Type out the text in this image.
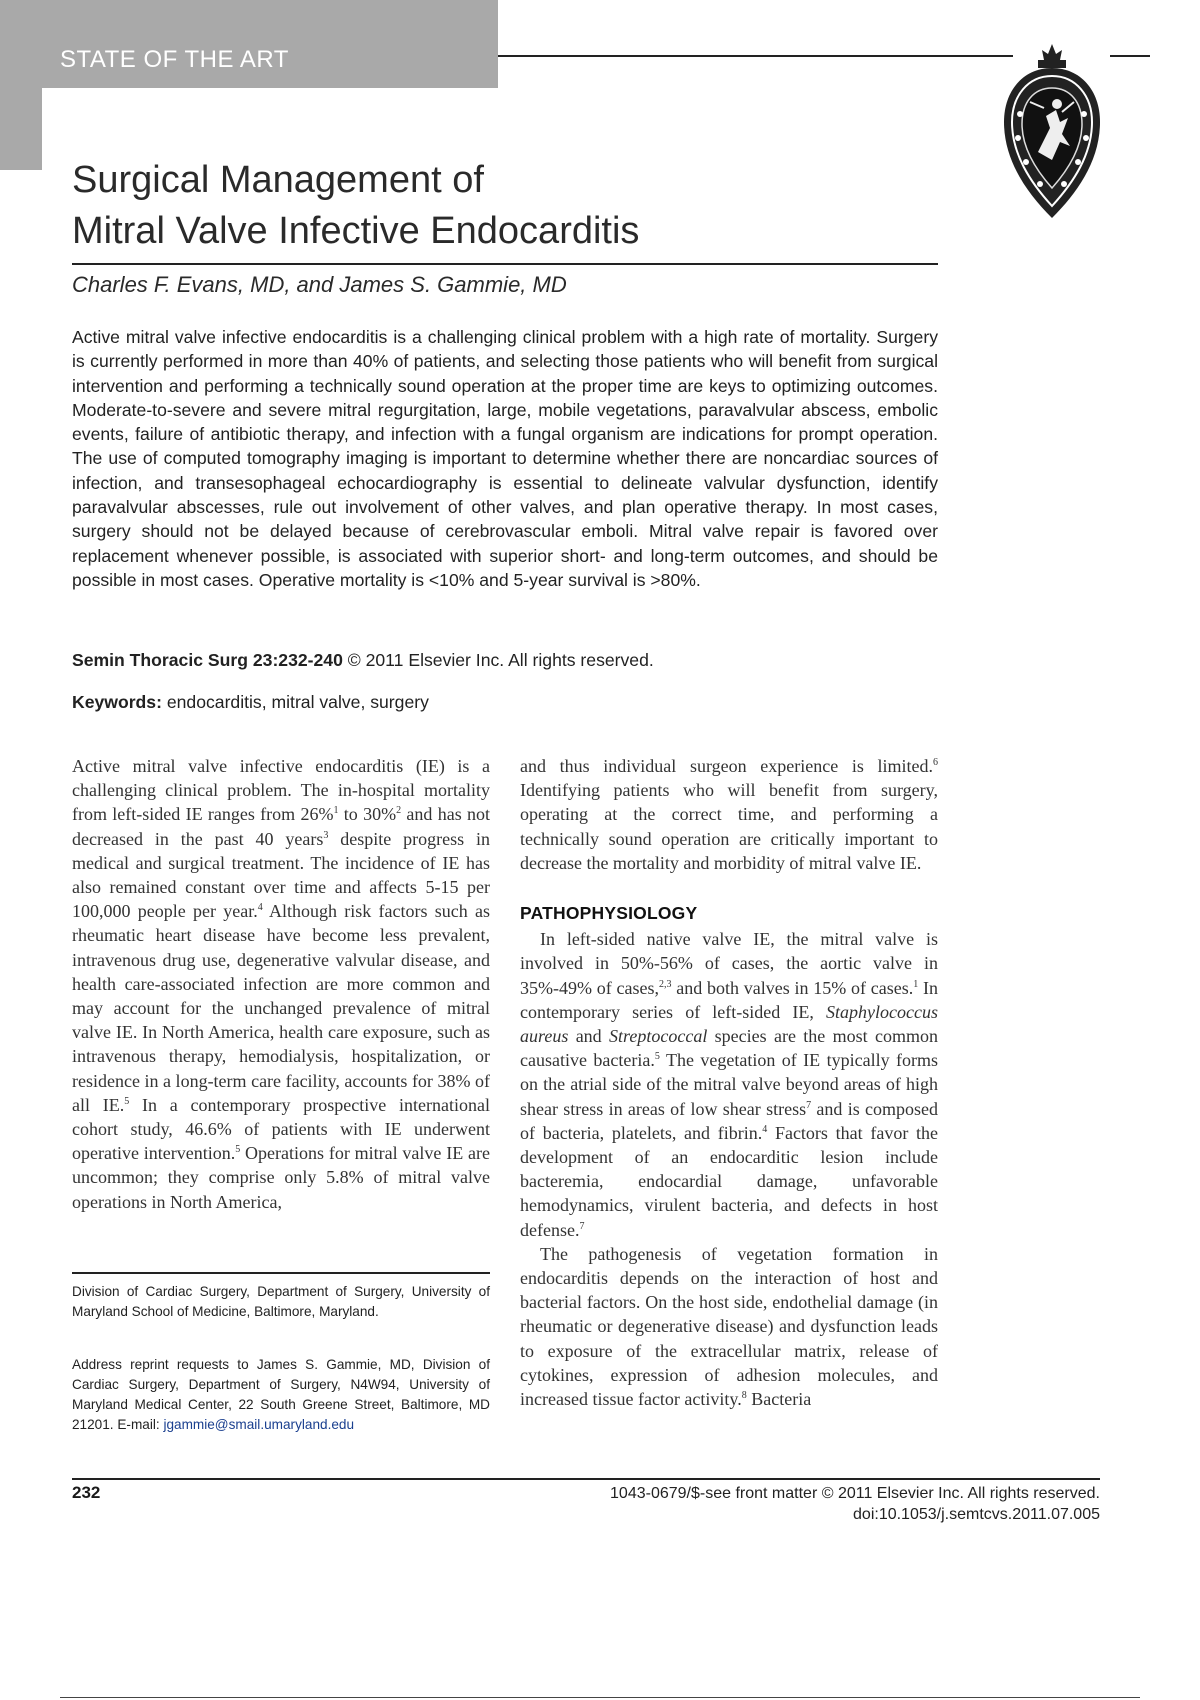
STATE OF THE ART
Surgical Management of
Mitral Valve Infective Endocarditis
Charles F. Evans, MD, and James S. Gammie, MD
Active mitral valve infective endocarditis is a challenging clinical problem with a high rate of mortality. Surgery is currently performed in more than 40% of patients, and selecting those patients who will benefit from surgical intervention and performing a technically sound operation at the proper time are keys to optimizing outcomes. Moderate-to-severe and severe mitral regurgitation, large, mobile vegetations, paravalvular abscess, embolic events, failure of antibiotic therapy, and infection with a fungal organism are indications for prompt operation. The use of computed tomography imaging is important to determine whether there are noncardiac sources of infection, and transesophageal echocardiography is essential to delineate valvular dysfunction, identify paravalvular abscesses, rule out involvement of other valves, and plan operative therapy. In most cases, surgery should not be delayed because of cerebrovascular emboli. Mitral valve repair is favored over replacement whenever possible, is associated with superior short- and long-term outcomes, and should be possible in most cases. Operative mortality is <10% and 5-year survival is >80%.
Semin Thoracic Surg 23:232-240 © 2011 Elsevier Inc. All rights reserved.
Keywords: endocarditis, mitral valve, surgery

Active mitral valve infective endocarditis (IE) is a challenging clinical problem. The in-hospital mortality from left-sided IE ranges from 26%$^1$ to 30%$^2$ and has not decreased in the past 40 years$^3$ despite progress in medical and surgical treatment. The incidence of IE has also remained constant over time and affects 5-15 per 100,000 people per year.$^4$ Although risk factors such as rheumatic heart disease have become less prevalent, intravenous drug use, degenerative valvular disease, and health care-associated infection are more common and may account for the unchanged prevalence of mitral valve IE. In North America, health care exposure, such as intravenous therapy, hemodialysis, hospitalization, or residence in a long-term care facility, accounts for 38% of all IE.$^5$ In a contemporary prospective international cohort study, 46.6% of patients with IE underwent operative intervention.$^5$ Operations for mitral valve IE are uncommon; they comprise only 5.8% of mitral valve operations in North America,

and thus individual surgeon experience is limited.$^6$ Identifying patients who will benefit from surgery, operating at the correct time, and performing a technically sound operation are critically important to decrease the mortality and morbidity of mitral valve IE.

PATHOPHYSIOLOGY

In left-sided native valve IE, the mitral valve is involved in 50%-56% of cases, the aortic valve in 35%-49% of cases,$^{2,3}$ and both valves in 15% of cases.$^1$ In contemporary series of left-sided IE, Staphylococcus aureus and Streptococcal species are the most common causative bacteria.$^5$ The vegetation of IE typically forms on the atrial side of the mitral valve beyond areas of high shear stress in areas of low shear stress$^7$ and is composed of bacteria, platelets, and fibrin.$^4$ Factors that favor the development of an endocarditic lesion include bacteremia, endocardial damage, unfavorable hemodynamics, virulent bacteria, and defects in host defense.$^7$

The pathogenesis of vegetation formation in endocarditis depends on the interaction of host and bacterial factors. On the host side, endothelial damage (in rheumatic or degenerative disease) and dysfunction leads to exposure of the extracellular matrix, release of cytokines, expression of adhesion molecules, and increased tissue factor activity.$^8$ Bacteria

Division of Cardiac Surgery, Department of Surgery, University of Maryland School of Medicine, Baltimore, Maryland.
Address reprint requests to James S. Gammie, MD, Division of Cardiac Surgery, Department of Surgery, N4W94, University of Maryland Medical Center, 22 South Greene Street, Baltimore, MD 21201. E-mail: jgammie@smail.umaryland.edu
232	1043-0679/$-see front matter © 2011 Elsevier Inc. All rights reserved.
doi:10.1053/j.semtcvs.2011.07.005
